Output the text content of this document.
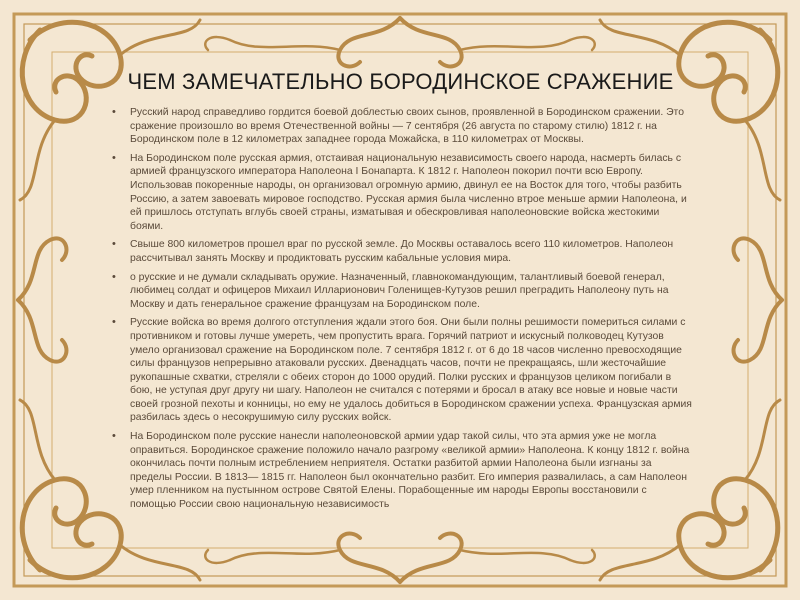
ЧЕМ ЗАМЕЧАТЕЛЬНО БОРОДИНСКОЕ СРАЖЕНИЕ
• Русский народ справедливо гордится боевой доблестью своих сынов, проявленной в Бородинском сражении. Это сражение произошло во время Отечественной войны — 7 сентября (26 августа по старому стилю) 1812 г. на Бородинском поле в 12 километрах западнее города Можайска, в 110 километрах от Москвы.
• На Бородинском поле русская армия, отстаивая национальную независимость своего народа, насмерть билась с армией французского императора Наполеона I Бонапарта. К 1812 г. Наполеон покорил почти всю Европу. Использовав покоренные народы, он организовал огромную армию, двинул ее на Восток для того, чтобы разбить Россию, а затем завоевать мировое господство. Русская армия была численно втрое меньше армии Наполеона, и ей пришлось отступать вглубь своей страны, изматывая и обескровливая наполеоновские войска жестокими боями.
• Свыше 800 километров прошел враг по русской земле. До Москвы оставалось всего 110 километров. Наполеон рассчитывал занять Москву и продиктовать русским кабальные условия мира.
• о русские и не думали складывать оружие. Назначенный, главнокомандующим, талантливый боевой генерал, любимец солдат и офицеров Михаил Илларионович Голенищев-Кутузов решил преградить Наполеону путь на Москву и дать генеральное сражение французам на Бородинском поле.
• Русские войска во время долгого отступления ждали этого боя. Они были полны решимости помериться силами с противником и готовы лучше умереть, чем пропустить врага. Горячий патриот и искусный полководец Кутузов умело организовал сражение на Бородинском поле. 7 сентября 1812 г. от 6 до 18 часов численно превосходящие силы французов непрерывно атаковали русских. Двенадцать часов, почти не прекращаясь, шли жесточайшие рукопашные схватки, стреляли с обеих сторон до 1000 орудий. Полки русских и французов целиком погибали в бою, не уступая друг другу ни шагу. Наполеон не считался с потерями и бросал в атаку все новые и новые части своей грозной пехоты и конницы, но ему не удалось добиться в Бородинском сражении успеха. Французская армия разбилась здесь о несокрушимую силу русских войск.
• На Бородинском поле русские нанесли наполеоновской армии удар такой силы, что эта армия уже не могла оправиться. Бородинское сражение положило начало разгрому «великой армии» Наполеона. К концу 1812 г. война окончилась почти полным истреблением неприятеля. Остатки разбитой армии Наполеона были изгнаны за пределы России. В 1813— 1815 гг. Наполеон был окончательно разбит. Его империя развалилась, а сам Наполеон умер пленником на пустынном острове Святой Елены. Порабощенные им народы Европы восстановили с помощью России свою национальную независимость
